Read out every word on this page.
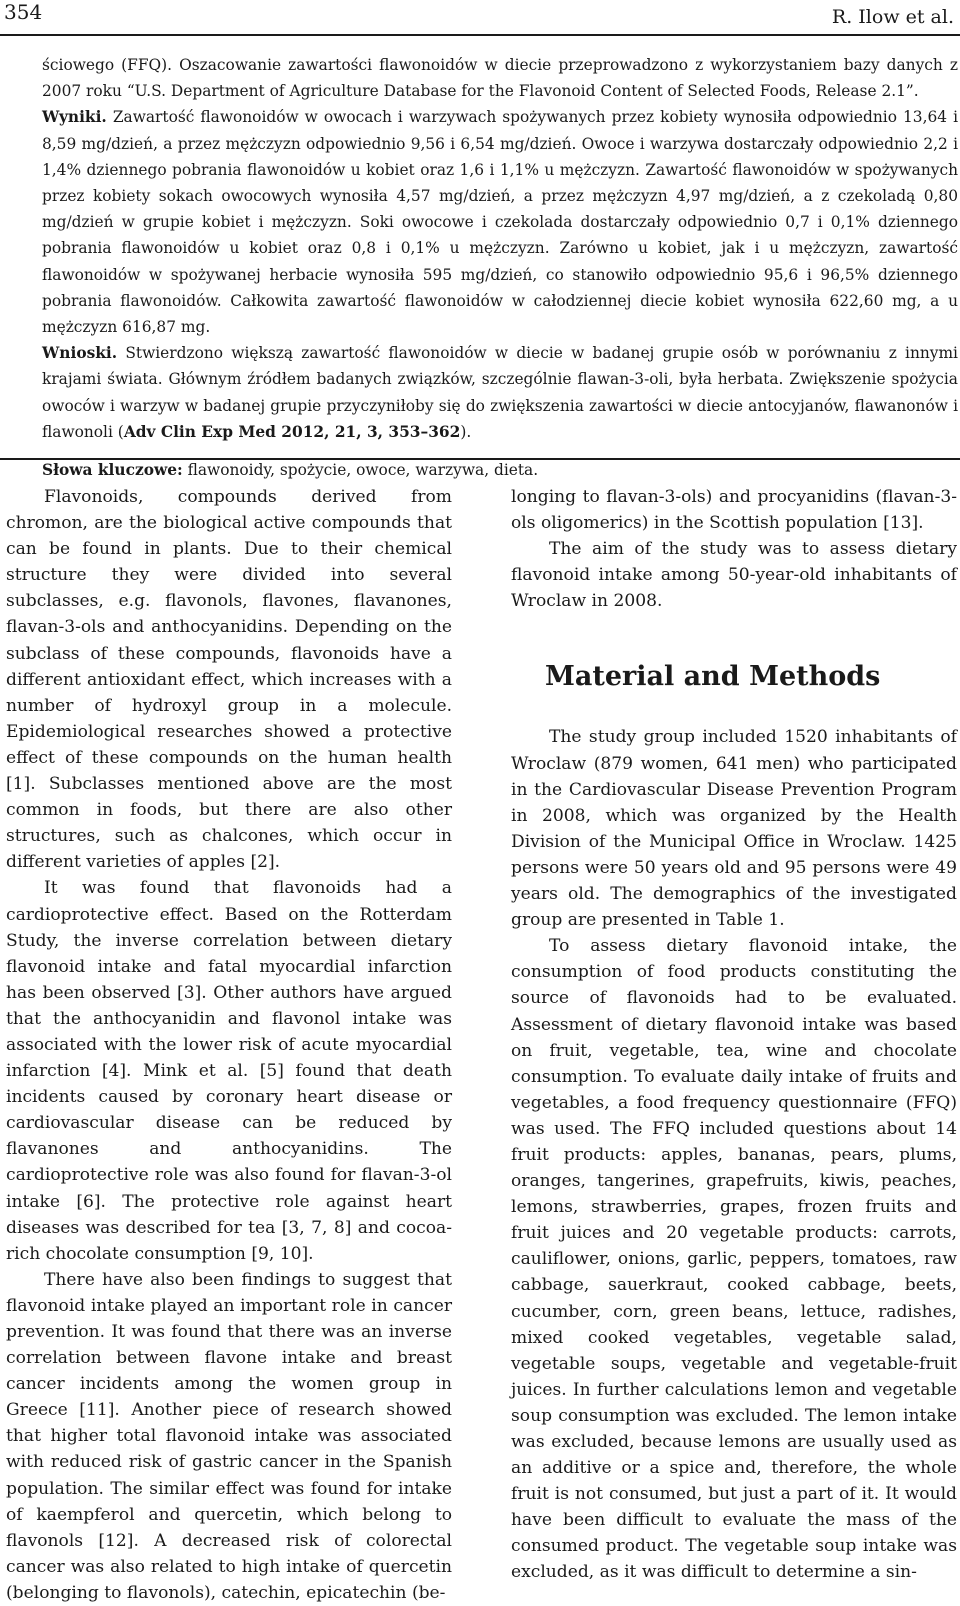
354	R. Ilow et al.

ściowego (FFQ). Oszacowanie zawartości flawonoidów w diecie przeprowadzono z wykorzystaniem bazy danych z 2007 roku “U.S. Department of Agriculture Database for the Flavonoid Content of Selected Foods, Release 2.1”.

Wyniki. Zawartość flawonoidów w owocach i warzywach spożywanych przez kobiety wynosiła odpowiednio 13,64 i 8,59 mg/dzień, a przez mężczyzn odpowiednio 9,56 i 6,54 mg/dzień. Owoce i warzywa dostarczały odpowiednio 2,2 i 1,4% dziennego pobrania flawonoidów u kobiet oraz 1,6 i 1,1% u mężczyzn. Zawartość flawonoidów w spożywanych przez kobiety sokach owocowych wynosiła 4,57 mg/dzień, a przez mężczyzn 4,97 mg/dzień, a z czekoladą 0,80 mg/dzień w grupie kobiet i mężczyzn. Soki owocowe i czekolada dostarczały odpowiednio 0,7 i 0,1% dziennego pobrania flawonoidów u kobiet oraz 0,8 i 0,1% u mężczyzn. Zarówno u kobiet, jak i u mężczyzn, zawartość flawonoidów w spożywanej herbacie wynosiła 595 mg/dzień, co stanowiło odpowiednio 95,6 i 96,5% dziennego pobrania flawonoidów. Całkowita zawartość flawonoidów w całodziennej diecie kobiet wynosiła 622,60 mg, a u mężczyzn 616,87 mg.

Wnioski. Stwierdzono większą zawartość flawonoidów w diecie w badanej grupie osób w porównaniu z innymi krajami świata. Głównym źródłem badanych związków, szczególnie flawan-3-oli, była herbata. Zwiększenie spożycia owoców i warzyw w badanej grupie przyczyniłoby się do zwiększenia zawartości w diecie antocyjanów, flawanonów i flawonoli (Adv Clin Exp Med 2012, 21, 3, 353–362).

Słowa kluczowe: flawonoidy, spożycie, owoce, warzywa, dieta.

Flavonoids, compounds derived from chromon, are the biological active compounds that can be found in plants. Due to their chemical structure they were divided into several subclasses, e.g. flavonols, flavones, flavanones, flavan-3-ols and anthocyanidins. Depending on the subclass of these compounds, flavonoids have a different antioxidant effect, which increases with a number of hydroxyl group in a molecule. Epidemiological researches showed a protective effect of these compounds on the human health [1]. Subclasses mentioned above are the most common in foods, but there are also other structures, such as chalcones, which occur in different varieties of apples [2].

It was found that flavonoids had a cardioprotective effect. Based on the Rotterdam Study, the inverse correlation between dietary flavonoid intake and fatal myocardial infarction has been observed [3]. Other authors have argued that the anthocyanidin and flavonol intake was associated with the lower risk of acute myocardial infarction [4]. Mink et al. [5] found that death incidents caused by coronary heart disease or cardiovascular disease can be reduced by flavanones and anthocyanidins. The cardioprotective role was also found for flavan-3-ol intake [6]. The protective role against heart diseases was described for tea [3, 7, 8] and cocoa-rich chocolate consumption [9, 10].

There have also been findings to suggest that flavonoid intake played an important role in cancer prevention. It was found that there was an inverse correlation between flavone intake and breast cancer incidents among the women group in Greece [11]. Another piece of research showed that higher total flavonoid intake was associated with reduced risk of gastric cancer in the Spanish population. The similar effect was found for intake of kaempferol and quercetin, which belong to flavonols [12]. A decreased risk of colorectal cancer was also related to high intake of quercetin (belonging to flavonols), catechin, epicatechin (be-

longing to flavan-3-ols) and procyanidins (flavan-3-ols oligomerics) in the Scottish population [13].

The aim of the study was to assess dietary flavonoid intake among 50-year-old inhabitants of Wroclaw in 2008.

Material and Methods

The study group included 1520 inhabitants of Wroclaw (879 women, 641 men) who participated in the Cardiovascular Disease Prevention Program in 2008, which was organized by the Health Division of the Municipal Office in Wroclaw. 1425 persons were 50 years old and 95 persons were 49 years old. The demographics of the investigated group are presented in Table 1.

To assess dietary flavonoid intake, the consumption of food products constituting the source of flavonoids had to be evaluated. Assessment of dietary flavonoid intake was based on fruit, vegetable, tea, wine and chocolate consumption. To evaluate daily intake of fruits and vegetables, a food frequency questionnaire (FFQ) was used. The FFQ included questions about 14 fruit products: apples, bananas, pears, plums, oranges, tangerines, grapefruits, kiwis, peaches, lemons, strawberries, grapes, frozen fruits and fruit juices and 20 vegetable products: carrots, cauliflower, onions, garlic, peppers, tomatoes, raw cabbage, sauerkraut, cooked cabbage, beets, cucumber, corn, green beans, lettuce, radishes, mixed cooked vegetables, vegetable salad, vegetable soups, vegetable and vegetable-fruit juices. In further calculations lemon and vegetable soup consumption was excluded. The lemon intake was excluded, because lemons are usually used as an additive or a spice and, therefore, the whole fruit is not consumed, but just a part of it. It would have been difficult to evaluate the mass of the consumed product. The vegetable soup intake was excluded, as it was difficult to determine a sin-
